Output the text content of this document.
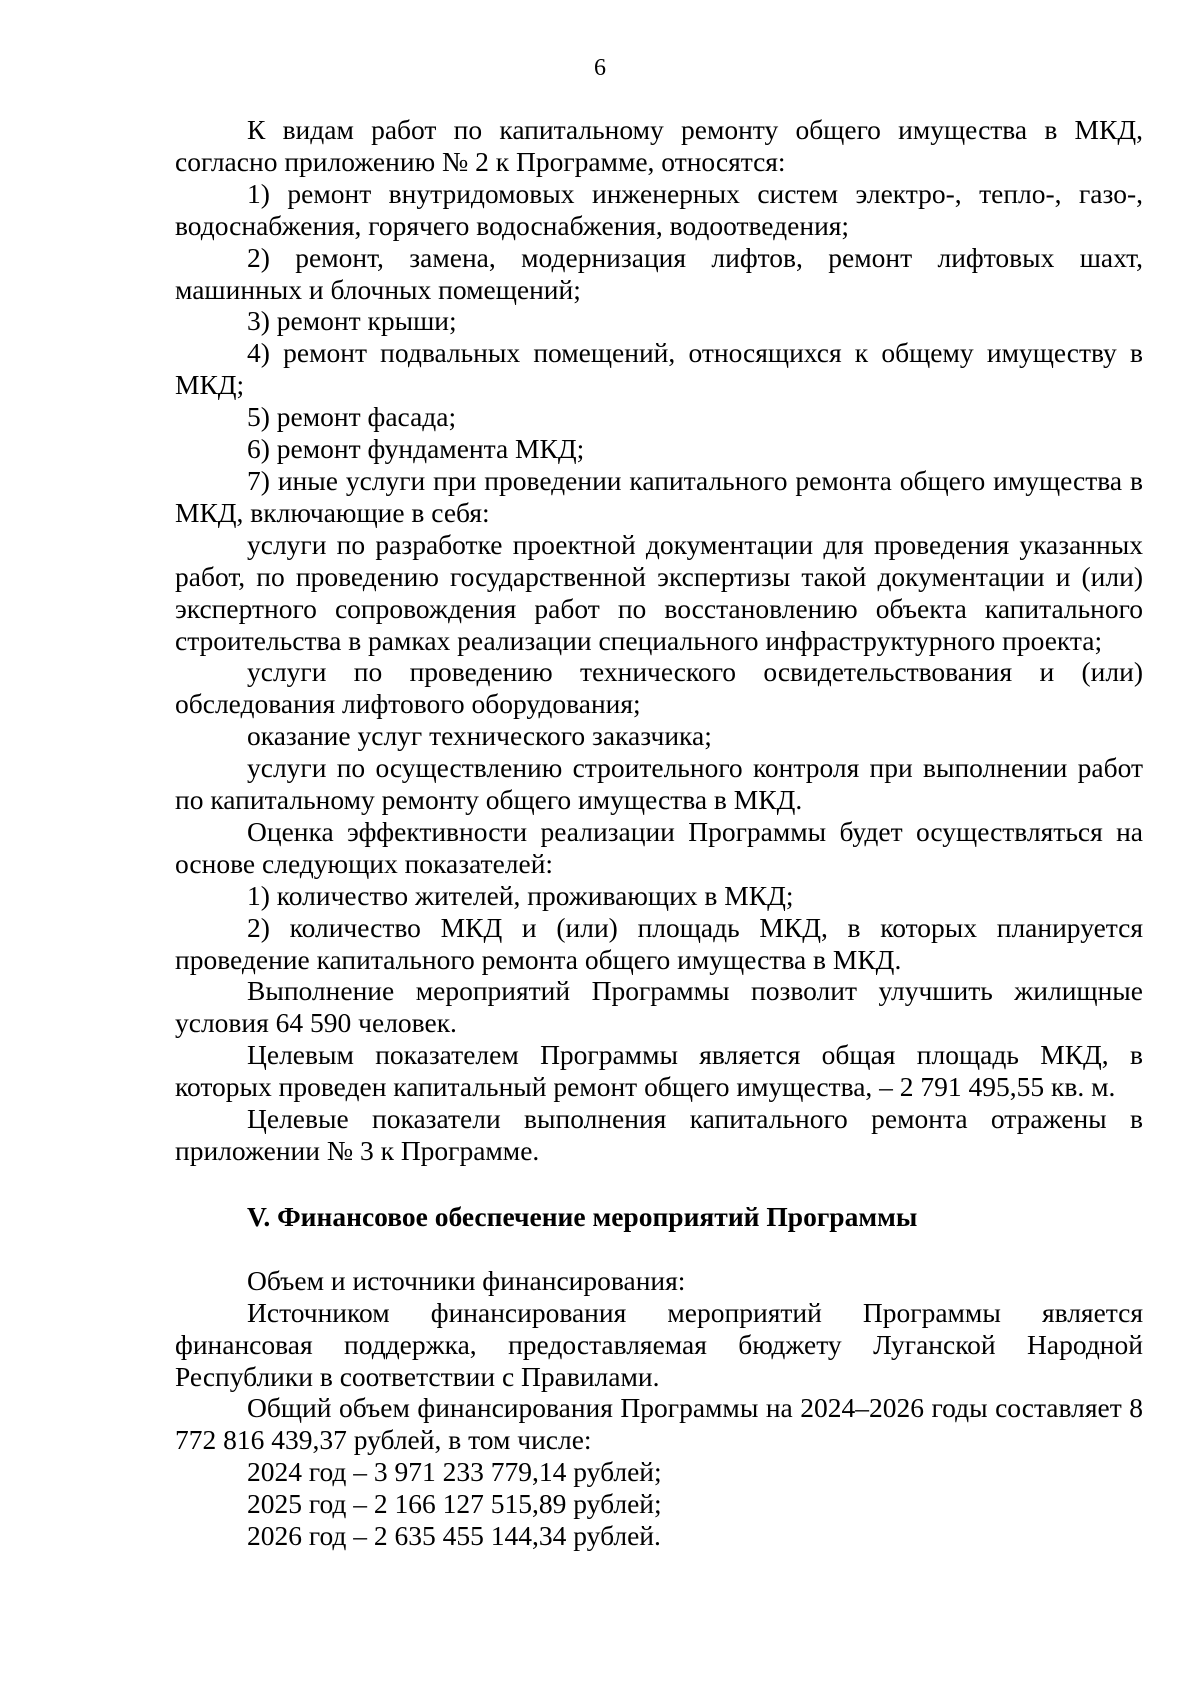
6

К видам работ по капитальному ремонту общего имущества в МКД, согласно приложению № 2 к Программе, относятся:

1) ремонт внутридомовых инженерных систем электро-, тепло-, газо-, водоснабжения, горячего водоснабжения, водоотведения;

2) ремонт, замена, модернизация лифтов, ремонт лифтовых шахт, машинных и блочных помещений;

3) ремонт крыши;

4) ремонт подвальных помещений, относящихся к общему имуществу в МКД;

5) ремонт фасада;

6) ремонт фундамента МКД;

7) иные услуги при проведении капитального ремонта общего имущества в МКД, включающие в себя:

услуги по разработке проектной документации для проведения указанных работ, по проведению государственной экспертизы такой документации и (или) экспертного сопровождения работ по восстановлению объекта капитального строительства в рамках реализации специального инфраструктурного проекта;

услуги по проведению технического освидетельствования и (или) обследования лифтового оборудования;

оказание услуг технического заказчика;

услуги по осуществлению строительного контроля при выполнении работ по капитальному ремонту общего имущества в МКД.

Оценка эффективности реализации Программы будет осуществляться на основе следующих показателей:

1) количество жителей, проживающих в МКД;

2) количество МКД и (или) площадь МКД, в которых планируется проведение капитального ремонта общего имущества в МКД.

Выполнение мероприятий Программы позволит улучшить жилищные условия 64 590 человек.

Целевым показателем Программы является общая площадь МКД, в которых проведен капитальный ремонт общего имущества, – 2 791 495,55 кв. м.

Целевые показатели выполнения капитального ремонта отражены в приложении № 3 к Программе.

V. Финансовое обеспечение мероприятий Программы

Объем и источники финансирования:

Источником финансирования мероприятий Программы является финансовая поддержка, предоставляемая бюджету Луганской Народной Республики в соответствии с Правилами.

Общий объем финансирования Программы на 2024–2026 годы составляет 8 772 816 439,37 рублей, в том числе:

2024 год – 3 971 233 779,14 рублей;

2025 год – 2 166 127 515,89 рублей;

2026 год – 2 635 455 144,34 рублей.
